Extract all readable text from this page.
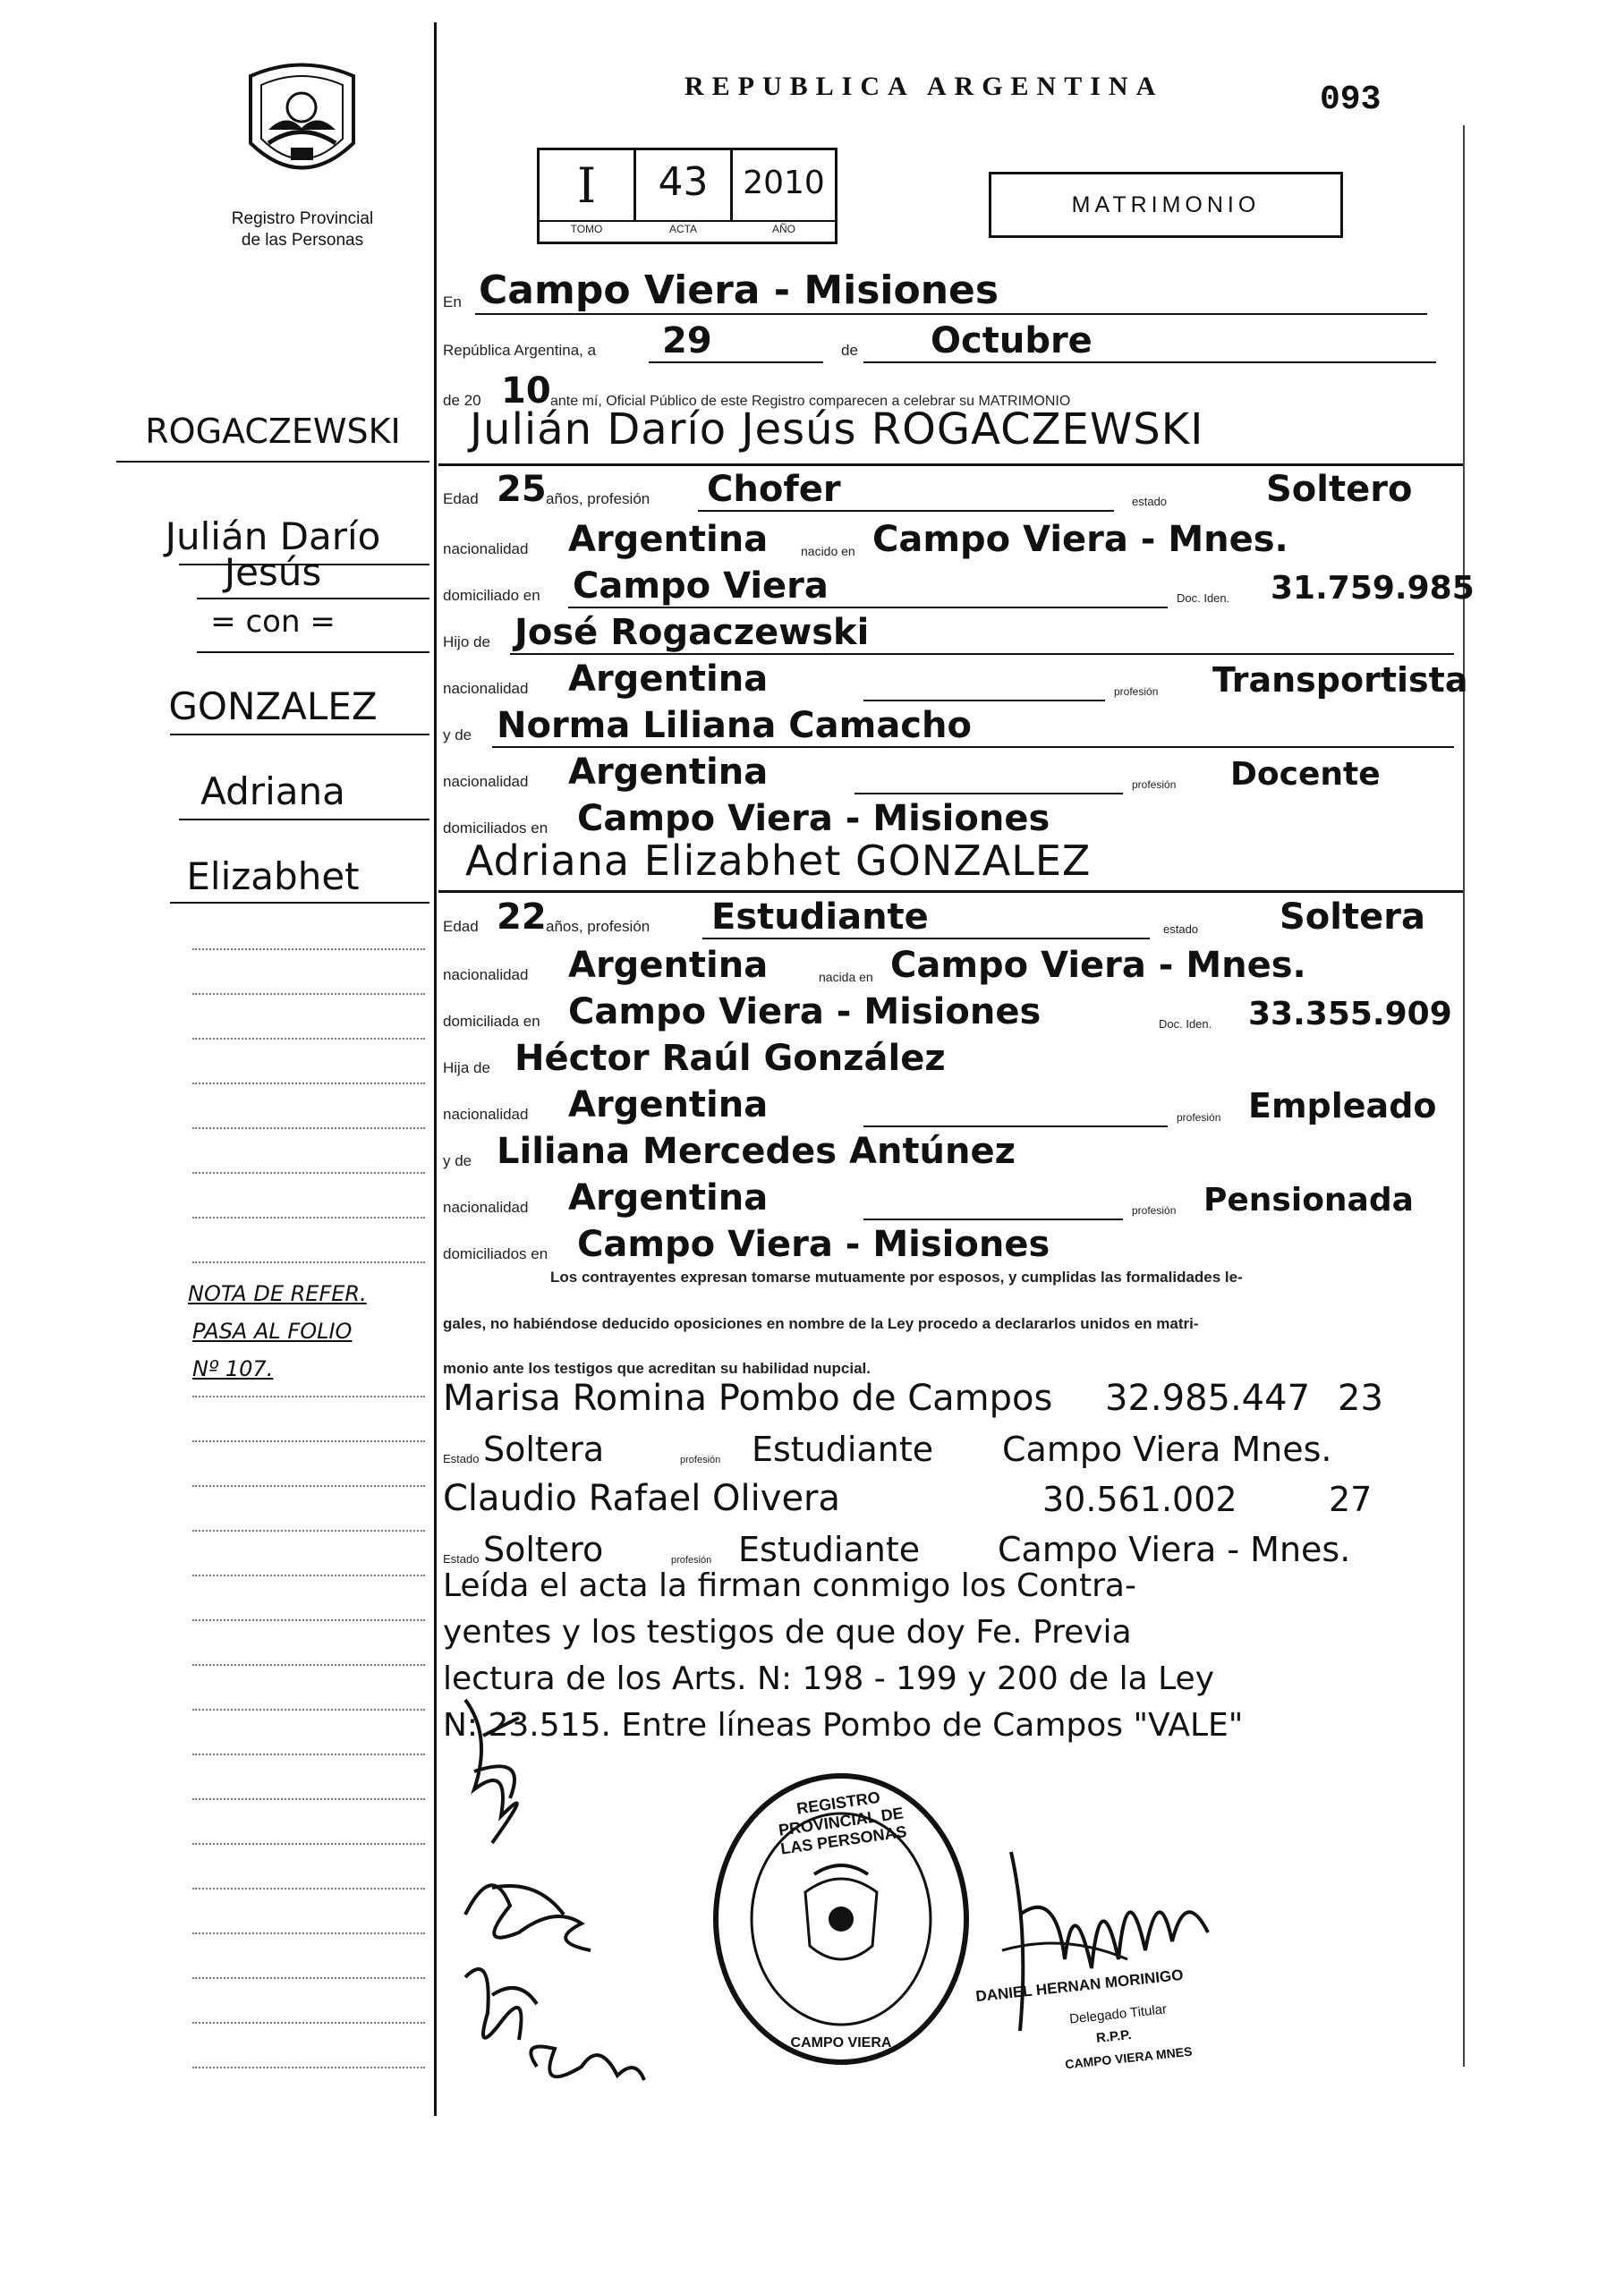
Registro Provincial
de las Personas
REPUBLICA ARGENTINA	093
I	43	2010
TOMO	ACTA	AÑO
MATRIMONIO
En Campo Viera - Misiones
República Argentina, a 29	de Octubre
de 20 10 ante mí, Oficial Público de este Registro comparecen a celebrar su MATRIMONIO
Julián Darío Jesús ROGACZEWSKI
Edad 25 años, profesión Chofer	estado	Soltero
nacionalidad Argentina	nacido en Campo Viera - Mnes.
domiciliado en Campo Viera	Doc. Iden. 31.759.985
Hijo de José Rogaczewski
nacionalidad Argentina	profesión Transportista
y de Norma Liliana Camacho
nacionalidad Argentina	profesión Docente
domiciliados en Campo Viera - Misiones
Adriana Elizabhet GONZALEZ
Edad 22 años, profesión Estudiante	estado Soltera
nacionalidad Argentina	nacida en Campo Viera - Mnes.
domiciliada en Campo Viera - Misiones	Doc. Iden. 33.355.909
Hija de Héctor Raúl González
nacionalidad Argentina	profesión Empleado
y de Liliana Mercedes Antúnez
nacionalidad Argentina	profesión Pensionada
domiciliados en Campo Viera - Misiones
Los contrayentes expresan tomarse mutuamente por esposos, y cumplidas las formalidades le-
gales, no habiéndose deducido oposiciones en nombre de la Ley procedo a declararlos unidos en matri-
monio ante los testigos que acreditan su habilidad nupcial.
Marisa Romina Pombo de Campos 32.985.447 23
Estado Soltera	profesión Estudiante Campo Viera Mnes.
Claudio Rafael Olivera	30.561.002	27
Estado Soltero	profesión Estudiante Campo Viera - Mnes.
Leída el acta la firman conmigo los Contra-
yentes y los testigos de que doy Fe. Previa
lectura de los Arts. N: 198 - 199 y 200 de la Ley
N: 23.515. Entre líneas Pombo de Campos "VALE"
ROGACZEWSKI
Julián Darío
Jesús
= con =
GONZALEZ
Adriana
Elizabhet
NOTA DE REFER.
PASA AL FOLIO
Nº 107.
REGISTRO PROVINCIAL DE LAS PERSONAS
CAMPO VIERA
DANIEL HERNAN MORINIGO
Delegado Titular
R.P.P.
CAMPO VIERA MNES
